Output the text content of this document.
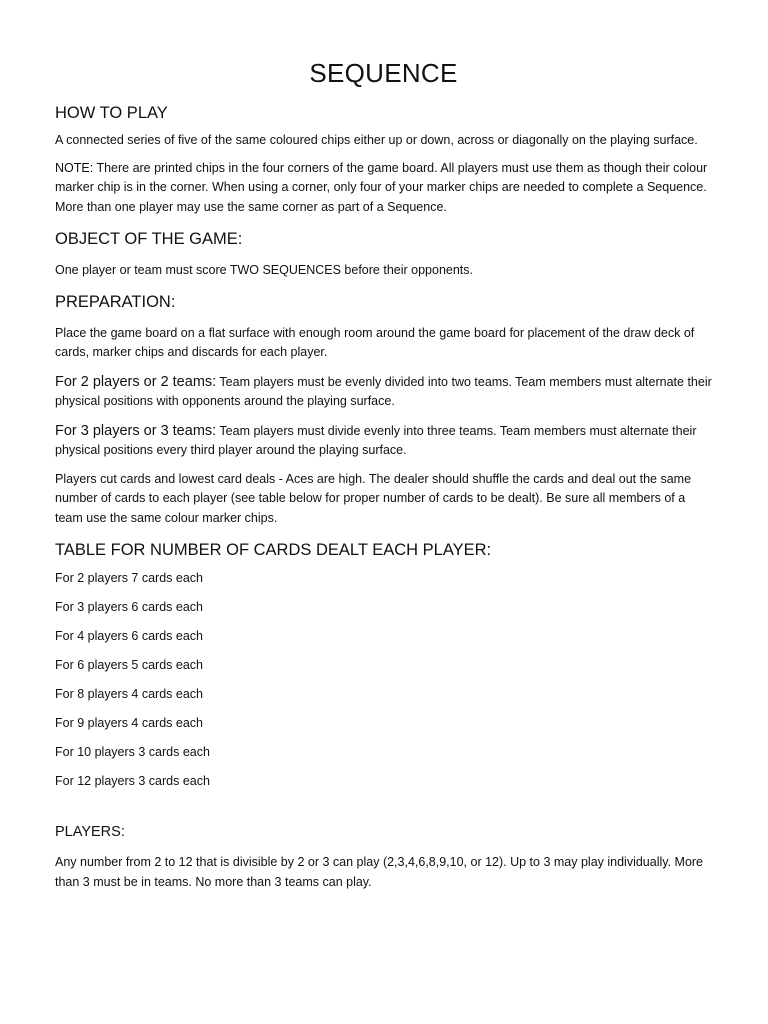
SEQUENCE
HOW TO PLAY

A connected series of five of the same coloured chips either up or down, across or diagonally on the playing surface.

NOTE: There are printed chips in the four corners of the game board. All players must use them as though their colour marker chip is in the corner. When using a corner, only four of your marker chips are needed to complete a Sequence. More than one player may use the same corner as part of a Sequence.

OBJECT OF THE GAME:

One player or team must score TWO SEQUENCES before their opponents.

PREPARATION:

Place the game board on a flat surface with enough room around the game board for placement of the draw deck of cards, marker chips and discards for each player.

For 2 players or 2 teams: Team players must be evenly divided into two teams. Team members must alternate their physical positions with opponents around the playing surface.

For 3 players or 3 teams: Team players must divide evenly into three teams. Team members must alternate their physical positions every third player around the playing surface.

Players cut cards and lowest card deals - Aces are high. The dealer should shuffle the cards and deal out the same number of cards to each player (see table below for proper number of cards to be dealt). Be sure all members of a team use the same colour marker chips.

TABLE FOR NUMBER OF CARDS DEALT EACH PLAYER:

For 2 players 7 cards each

For 3 players 6 cards each

For 4 players 6 cards each

For 6 players 5 cards each

For 8 players 4 cards each

For 9 players 4 cards each

For 10 players 3 cards each

For 12 players 3 cards each

PLAYERS:

Any number from 2 to 12 that is divisible by 2 or 3 can play (2,3,4,6,8,9,10, or 12). Up to 3 may play individually. More than 3 must be in teams. No more than 3 teams can play.
